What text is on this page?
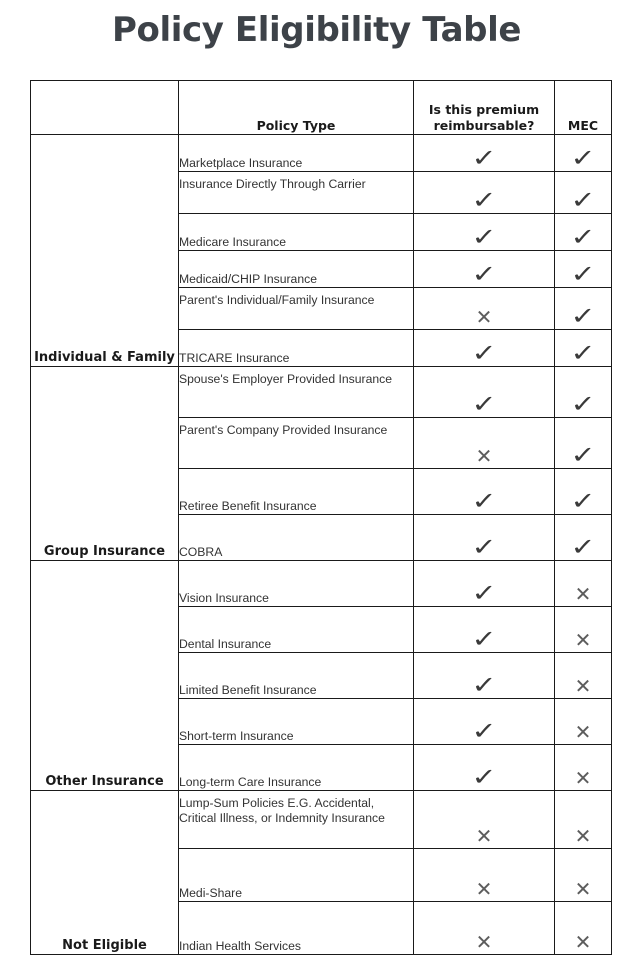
Policy Eligibility Table
	Policy Type	Is this premium reimbursable?	MEC
Individual & Family	Marketplace Insurance	✓	✓
	Insurance Directly Through Carrier	✓	✓
	Medicare Insurance	✓	✓
	Medicaid/CHIP Insurance	✓	✓
	Parent's Individual/Family Insurance	✕	✓
	TRICARE Insurance	✓	✓
Group Insurance	Spouse's Employer Provided Insurance	✓	✓
	Parent's Company Provided Insurance	✕	✓
	Retiree Benefit Insurance	✓	✓
	COBRA	✓	✓
Other Insurance	Vision Insurance	✓	✕
	Dental Insurance	✓	✕
	Limited Benefit Insurance	✓	✕
	Short-term Insurance	✓	✕
	Long-term Care Insurance	✓	✕
Not Eligible	Lump-Sum Policies E.G. Accidental, Critical Illness, or Indemnity Insurance	✕	✕
	Medi-Share	✕	✕
	Indian Health Services	✕	✕
